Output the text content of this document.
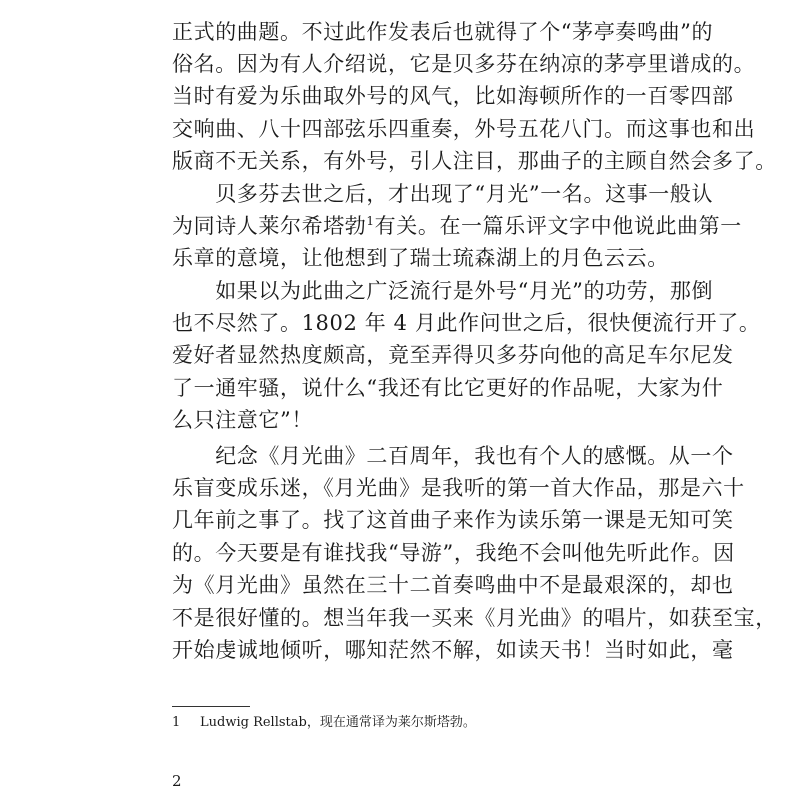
正式的曲题。不过此作发表后也就得了个“茅亭奏鸣曲”的
俗名。因为有人介绍说，它是贝多芬在纳凉的茅亭里谱成的。
当时有爱为乐曲取外号的风气，比如海顿所作的一百零四部
交响曲、八十四部弦乐四重奏，外号五花八门。而这事也和出
版商不无关系，有外号，引人注目，那曲子的主顾自然会多了。
　　贝多芬去世之后，才出现了“月光”一名。这事一般认
为同诗人莱尔希塔勃$^1$有关。在一篇乐评文字中他说此曲第一
乐章的意境，让他想到了瑞士琉森湖上的月色云云。
　　如果以为此曲之广泛流行是外号“月光”的功劳，那倒
也不尽然了。1802 年 4 月此作问世之后，很快便流行开了。
爱好者显然热度颇高，竟至弄得贝多芬向他的高足车尔尼发
了一通牢骚，说什么“我还有比它更好的作品呢，大家为什
么只注意它”！
　　纪念《月光曲》二百周年，我也有个人的感慨。从一个
乐盲变成乐迷，《月光曲》是我听的第一首大作品，那是六十
几年前之事了。找了这首曲子来作为读乐第一课是无知可笑
的。今天要是有谁找我“导游”，我绝不会叫他先听此作。因
为《月光曲》虽然在三十二首奏鸣曲中不是最艰深的，却也
不是很好懂的。想当年我一买来《月光曲》的唱片，如获至宝，
开始虔诚地倾听，哪知茫然不解，如读天书！当时如此，毫
1 Ludwig Rellstab，现在通常译为莱尔斯塔勃。
2
